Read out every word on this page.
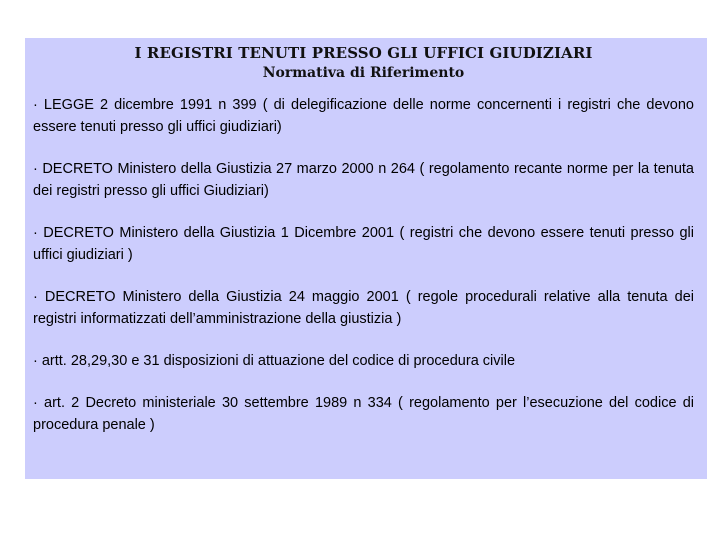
I REGISTRI TENUTI PRESSO GLI UFFICI GIUDIZIARI
Normativa di Riferimento

· LEGGE 2 dicembre 1991 n 399 ( di delegificazione delle norme concernenti i registri che devono essere tenuti presso gli uffici giudiziari)

· DECRETO Ministero della Giustizia 27 marzo 2000 n 264 ( regolamento recante norme per la tenuta dei registri presso gli uffici Giudiziari)

· DECRETO Ministero della Giustizia 1 Dicembre 2001 ( registri che devono essere tenuti presso gli uffici giudiziari )

· DECRETO Ministero della Giustizia 24 maggio 2001 ( regole procedurali relative alla tenuta dei registri informatizzati dell’amministrazione della giustizia )

· artt. 28,29,30 e 31 disposizioni di attuazione del codice di procedura civile

· art. 2 Decreto ministeriale 30 settembre 1989 n 334 ( regolamento per l’esecuzione del codice di procedura penale )
